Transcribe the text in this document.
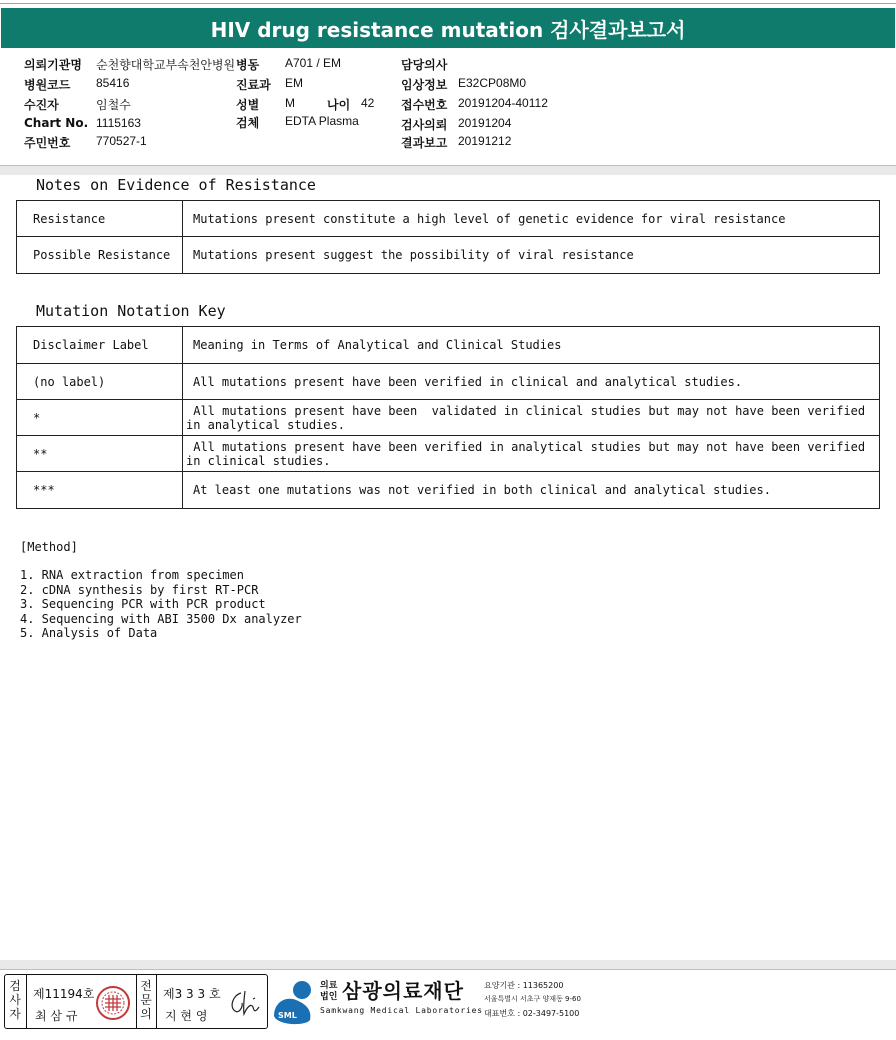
HIV drug resistance mutation 검사결과보고서
의뢰기관명 순천향대학교부속천안병원 병동 A701 / EM	담당의사
병원코드 85416	진료과 EM	임상정보 E32CP08M0
수진자	임철수	성별 M	나이 42 접수번호 20191204-40112
Chart No. 1115163	검체 EDTA Plasma	검사의뢰 20191204
주민번호 770527-1	결과보고 20191212
Notes on Evidence of Resistance
Resistance	Mutations present constitute a high level of genetic evidence for viral resistance
Possible Resistance	Mutations present suggest the possibility of viral resistance
Mutation Notation Key
Disclaimer Label	Meaning in Terms of Analytical and Clinical Studies
(no label)	All mutations present have been verified in clinical and analytical studies.
*	All mutations present have been  validated in clinical studies but may not have been verified
in analytical studies.

**	All mutations present have been verified in analytical studies but may not have been verified
in clinical studies.

***	At least one mutations was not verified in both clinical and analytical studies.
[Method]
1. RNA extraction from specimen
2. cDNA synthesis by first RT-PCR
3. Sequencing PCR with PCR product
4. Sequencing with ABI 3500 Dx analyzer
5. Analysis of Data
검사자
제11194호
최 삼 규
전문의
제3 3 3 호
지 현 영	SML
의료
법인 삼광의료재단
Samkwang Medical Laboratories
요양기관 : 11365200
서울특별시 서초구 양재동 9-60
대표번호 : 02-3497-5100
